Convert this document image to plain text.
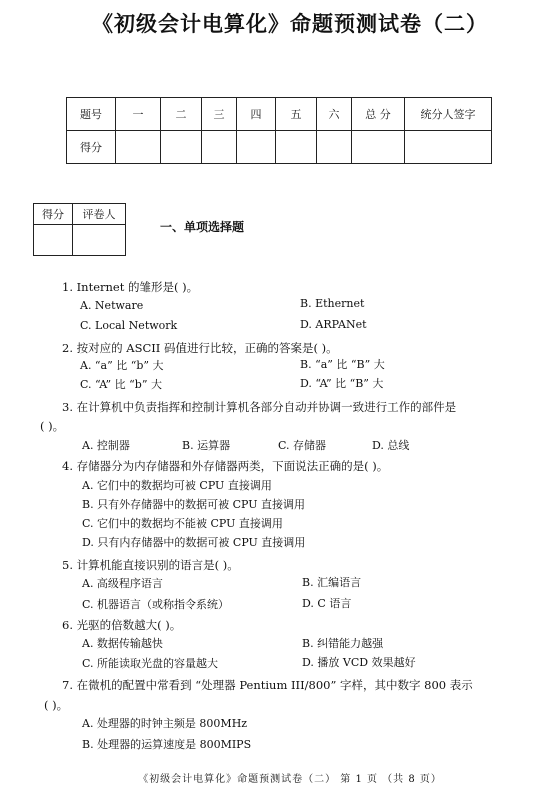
《初级会计电算化》命题预测试卷（二）
题号	一	二	三	四	五	六	总 分	统分人签字
得分								
得分	评卷人

一、单项选择题
1. Internet 的雏形是( )。
A. Netware	B. Ethernet
C. Local Network	D. ARPANet
2. 按对应的 ASCII 码值进行比较，正确的答案是( )。
A. “a” 比 “b” 大	B. “a” 比 “B” 大
C. “A” 比 “b” 大	D. “A” 比 “B” 大
3. 在计算机中负责指挥和控制计算机各部分自动并协调一致进行工作的部件是
( )。
A. 控制器	B. 运算器	C. 存储器	D. 总线
4. 存储器分为内存储器和外存储器两类，下面说法正确的是( )。
A. 它们中的数据均可被 CPU 直接调用
B. 只有外存储器中的数据可被 CPU 直接调用
C. 它们中的数据均不能被 CPU 直接调用
D. 只有内存储器中的数据可被 CPU 直接调用
5. 计算机能直接识别的语言是( )。
A. 高级程序语言	B. 汇编语言
C. 机器语言（或称指令系统）	D. C 语言
6. 光驱的倍数越大( )。
A. 数据传输越快	B. 纠错能力越强
C. 所能读取光盘的容量越大	D. 播放 VCD 效果越好
7. 在微机的配置中常看到 “处理器 Pentium III/800” 字样，其中数字 800 表示
( )。
A. 处理器的时钟主频是 800MHz
B. 处理器的运算速度是 800MIPS
《初级会计电算化》命题预测试卷（二） 第 1 页 （共 8 页）
